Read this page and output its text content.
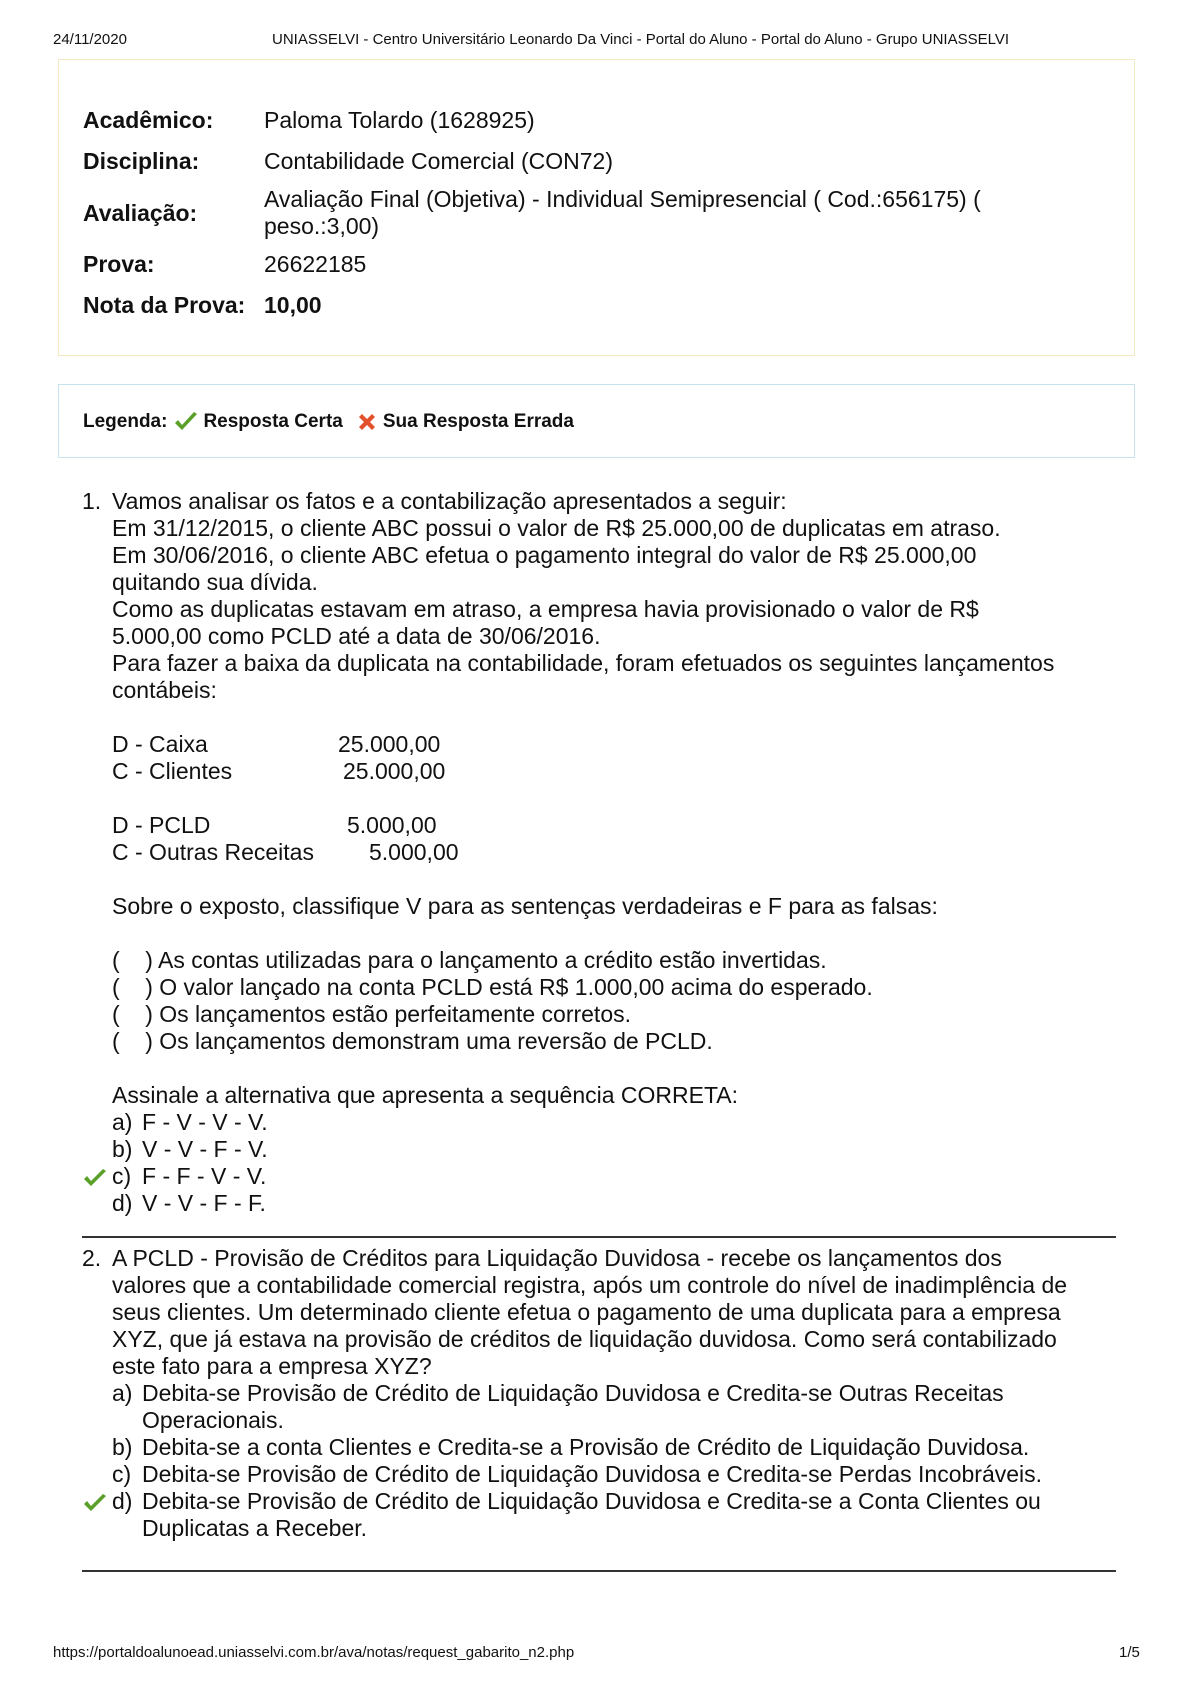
24/11/2020	UNIASSELVI - Centro Universitário Leonardo Da Vinci - Portal do Aluno - Portal do Aluno - Grupo UNIASSELVI
Acadêmico:	Paloma Tolardo (1628925)
Disciplina:	Contabilidade Comercial (CON72)
Avaliação:	Avaliação Final (Objetiva) - Individual Semipresencial ( Cod.:656175) (
peso.:3,00)

Prova:	26622185
Nota da Prova:	10,00
Legenda: Resposta Certa Sua Resposta Errada
1. Vamos analisar os fatos e a contabilização apresentados a seguir:

Em 31/12/2015, o cliente ABC possui o valor de R$ 25.000,00 de duplicatas em atraso.

Em 30/06/2016, o cliente ABC efetua o pagamento integral do valor de R$ 25.000,00

quitando sua dívida.

Como as duplicatas estavam em atraso, a empresa havia provisionado o valor de R$

5.000,00 como PCLD até a data de 30/06/2016.

Para fazer a baixa da duplicata na contabilidade, foram efetuados os seguintes lançamentos

contábeis:

D - Caixa	25.000,00
C - Clientes	25.000,00
D - PCLD	5.000,00
C - Outras Receitas	5.000,00

Sobre o exposto, classifique V para as sentenças verdadeiras e F para as falsas:

(    ) As contas utilizadas para o lançamento a crédito estão invertidas.

(    ) O valor lançado na conta PCLD está R$ 1.000,00 acima do esperado.

(    ) Os lançamentos estão perfeitamente corretos.

(    ) Os lançamentos demonstram uma reversão de PCLD.

Assinale a alternativa que apresenta a sequência CORRETA:

a) F - V - V - V.
b) V - V - F - V.
c) F - F - V - V.
d) V - V - F - F.
2. A PCLD - Provisão de Créditos para Liquidação Duvidosa - recebe os lançamentos dos

valores que a contabilidade comercial registra, após um controle do nível de inadimplência de

seus clientes. Um determinado cliente efetua o pagamento de uma duplicata para a empresa

XYZ, que já estava na provisão de créditos de liquidação duvidosa. Como será contabilizado

este fato para a empresa XYZ?

a) Debita-se Provisão de Crédito de Liquidação Duvidosa e Credita-se Outras Receitas Operacionais.
b) Debita-se a conta Clientes e Credita-se a Provisão de Crédito de Liquidação Duvidosa.
c) Debita-se Provisão de Crédito de Liquidação Duvidosa e Credita-se Perdas Incobráveis.
d) Debita-se Provisão de Crédito de Liquidação Duvidosa e Credita-se a Conta Clientes ou Duplicatas a Receber.
https://portaldoalunoead.uniasselvi.com.br/ava/notas/request_gabarito_n2.php	1/5
